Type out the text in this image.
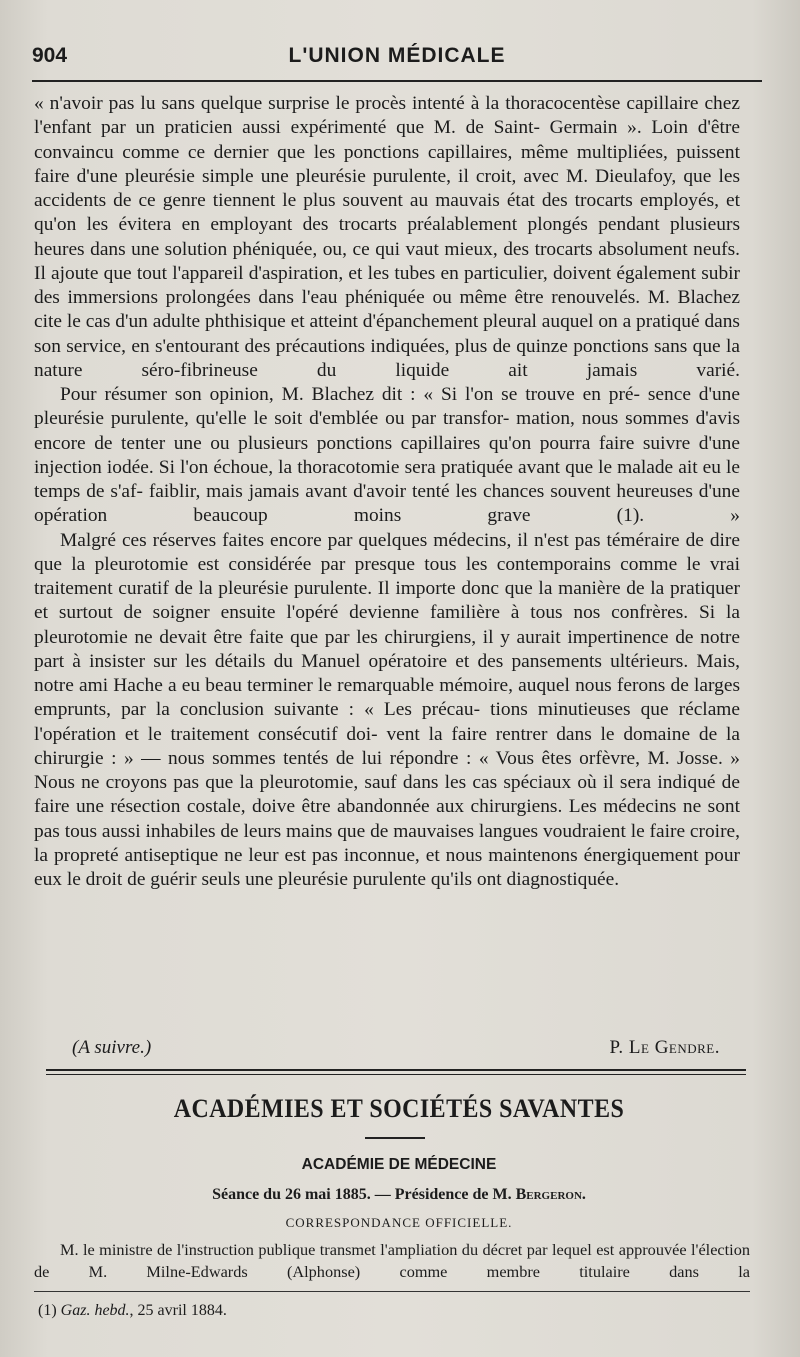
904	L'UNION MÉDICALE

« n'avoir pas lu sans quelque surprise le procès intenté à la thoracocentèse capillaire chez l'enfant par un praticien aussi expérimenté que M. de Saint- Germain ». Loin d'être convaincu comme ce dernier que les ponctions capillaires, même multipliées, puissent faire d'une pleurésie simple une pleurésie purulente, il croit, avec M. Dieulafoy, que les accidents de ce genre tiennent le plus souvent au mauvais état des trocarts employés, et qu'on les évitera en employant des trocarts préalablement plongés pendant plusieurs heures dans une solution phéniquée, ou, ce qui vaut mieux, des trocarts absolument neufs. Il ajoute que tout l'appareil d'aspiration, et les tubes en particulier, doivent également subir des immersions prolongées dans l'eau phéniquée ou même être renouvelés. M. Blachez cite le cas d'un adulte phthisique et atteint d'épanchement pleural auquel on a pratiqué dans son service, en s'entourant des précautions indiquées, plus de quinze ponctions sans que la nature séro-fibrineuse du liquide ait jamais varié.

Pour résumer son opinion, M. Blachez dit : « Si l'on se trouve en pré- sence d'une pleurésie purulente, qu'elle le soit d'emblée ou par transfor- mation, nous sommes d'avis encore de tenter une ou plusieurs ponctions capillaires qu'on pourra faire suivre d'une injection iodée. Si l'on échoue, la thoracotomie sera pratiquée avant que le malade ait eu le temps de s'af- faiblir, mais jamais avant d'avoir tenté les chances souvent heureuses d'une opération beaucoup moins grave (1). »

Malgré ces réserves faites encore par quelques médecins, il n'est pas téméraire de dire que la pleurotomie est considérée par presque tous les contemporains comme le vrai traitement curatif de la pleurésie purulente. Il importe donc que la manière de la pratiquer et surtout de soigner ensuite l'opéré devienne familière à tous nos confrères. Si la pleurotomie ne devait être faite que par les chirurgiens, il y aurait impertinence de notre part à insister sur les détails du Manuel opératoire et des pansements ultérieurs. Mais, notre ami Hache a eu beau terminer le remarquable mémoire, auquel nous ferons de larges emprunts, par la conclusion suivante : « Les précau- tions minutieuses que réclame l'opération et le traitement consécutif doi- vent la faire rentrer dans le domaine de la chirurgie : » — nous sommes tentés de lui répondre : « Vous êtes orfèvre, M. Josse. » Nous ne croyons pas que la pleurotomie, sauf dans les cas spéciaux où il sera indiqué de faire une résection costale, doive être abandonnée aux chirurgiens. Les médecins ne sont pas tous aussi inhabiles de leurs mains que de mauvaises langues voudraient le faire croire, la propreté antiseptique ne leur est pas inconnue, et nous maintenons énergiquement pour eux le droit de guérir seuls une pleurésie purulente qu'ils ont diagnostiquée.

(A suivre.)	P. Le Gendre.
ACADÉMIES ET SOCIÉTÉS SAVANTES
ACADÉMIE DE MÉDECINE
Séance du 26 mai 1885. — Présidence de M. Bergeron.
CORRESPONDANCE OFFICIELLE.

M. le ministre de l'instruction publique transmet l'ampliation du décret par lequel est approuvée l'élection de M. Milne-Edwards (Alphonse) comme membre titulaire dans la

(1) Gaz. hebd., 25 avril 1884.
